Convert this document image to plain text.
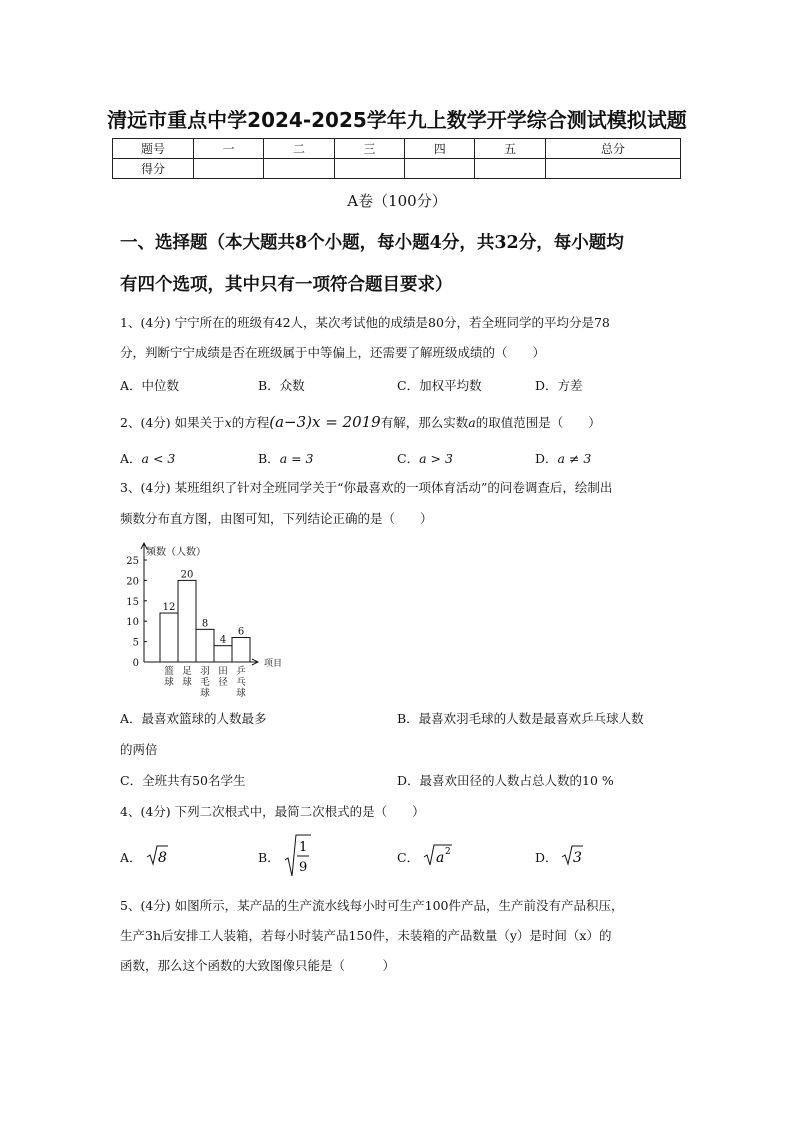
清远市重点中学2024-2025学年九上数学开学综合测试模拟试题
题号	一	二	三	四	五	总分
得分						
A卷（100分）
一、选择题（本大题共8个小题，每小题4分，共32分，每小题均
有四个选项，其中只有一项符合题目要求）
1、(4分) 宁宁所在的班级有42人，某次考试他的成绩是80分，若全班同学的平均分是78
分，判断宁宁成绩是否在班级属于中等偏上，还需要了解班级成绩的（　　）
A．中位数	B．众数	C．加权平均数	D．方差
2、(4分) 如果关于x的方程(a−3)x = 2019有解，那么实数a的取值范围是（　　）
A．a < 3	B．a = 3	C．a > 3	D．a ≠ 3
3、(4分) 某班组织了针对全班同学关于“你最喜欢的一项体育活动”的问卷调查后，绘制出
频数分布直方图，由图可知，下列结论正确的是（　　）
频数（人数）
项目
0
5
10
15
20
25
12
篮
球
20
足
球
8
羽
毛
球
4
田
径
6
乒
乓
球
A．最喜欢篮球的人数最多	B．最喜欢羽毛球的人数是最喜欢乒乓球人数
的两倍
C．全班共有50名学生	D．最喜欢田径的人数占总人数的10 %
4、(4分) 下列二次根式中，最简二次根式的是（　　）
A． 8	B．
1
9
C． a 2	D． 3
5、(4分) 如图所示，某产品的生产流水线每小时可生产100件产品，生产前没有产品积压，
生产3h后安排工人装箱，若每小时装产品150件，未装箱的产品数量（y）是时间（x）的
函数，那么这个函数的大致图像只能是（　　　）
